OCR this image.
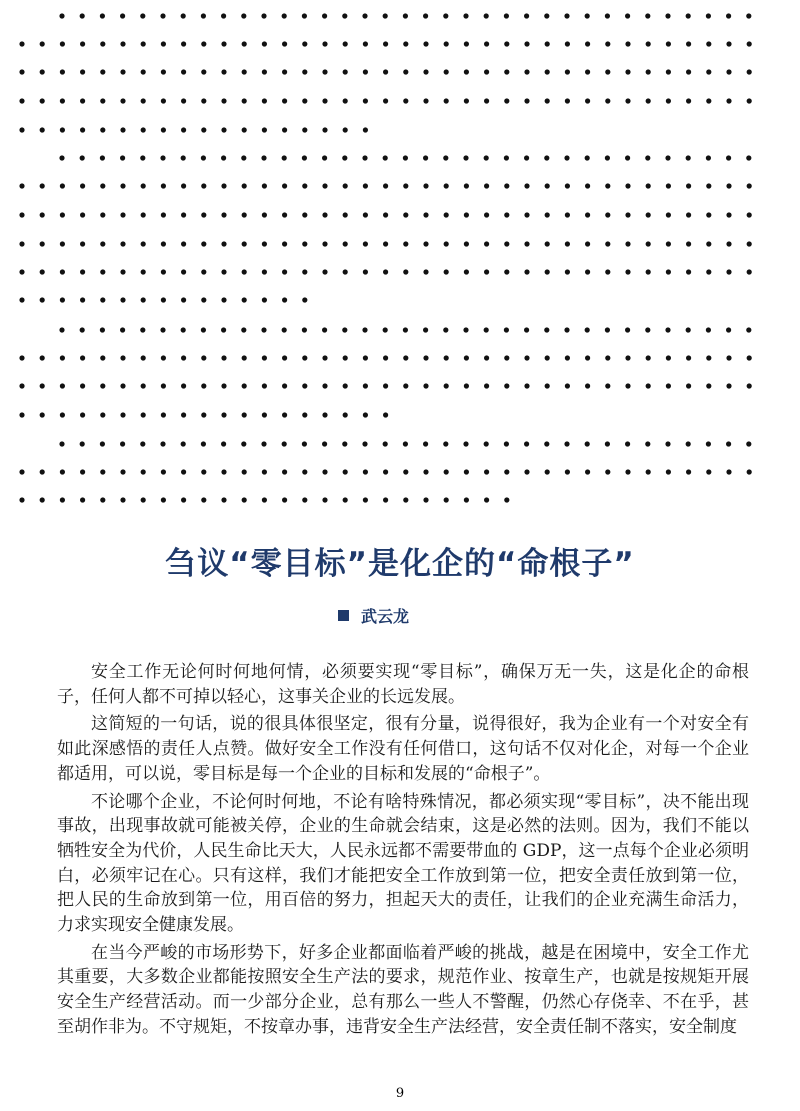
刍议“零目标”是化企的“命根子”
武云龙

安全工作无论何时何地何情，必须要实现“零目标”，确保万无一失，这是化企的命根子，任何人都不可掉以轻心，这事关企业的长远发展。

这简短的一句话，说的很具体很坚定，很有分量，说得很好，我为企业有一个对安全有如此深感悟的责任人点赞。做好安全工作没有任何借口，这句话不仅对化企，对每一个企业都适用，可以说，零目标是每一个企业的目标和发展的“命根子”。

不论哪个企业，不论何时何地，不论有啥特殊情况，都必须实现“零目标”，决不能出现事故，出现事故就可能被关停，企业的生命就会结束，这是必然的法则。因为，我们不能以牺牲安全为代价，人民生命比天大，人民永远都不需要带血的 GDP，这一点每个企业必须明白，必须牢记在心。只有这样，我们才能把安全工作放到第一位，把安全责任放到第一位，把人民的生命放到第一位，用百倍的努力，担起天大的责任，让我们的企业充满生命活力，力求实现安全健康发展。

在当今严峻的市场形势下，好多企业都面临着严峻的挑战，越是在困境中，安全工作尤其重要，大多数企业都能按照安全生产法的要求，规范作业、按章生产，也就是按规矩开展安全生产经营活动。而一少部分企业，总有那么一些人不警醒，仍然心存侥幸、不在乎，甚至胡作非为。不守规矩，不按章办事，违背安全生产法经营，安全责任制不落实，安全制度

9
